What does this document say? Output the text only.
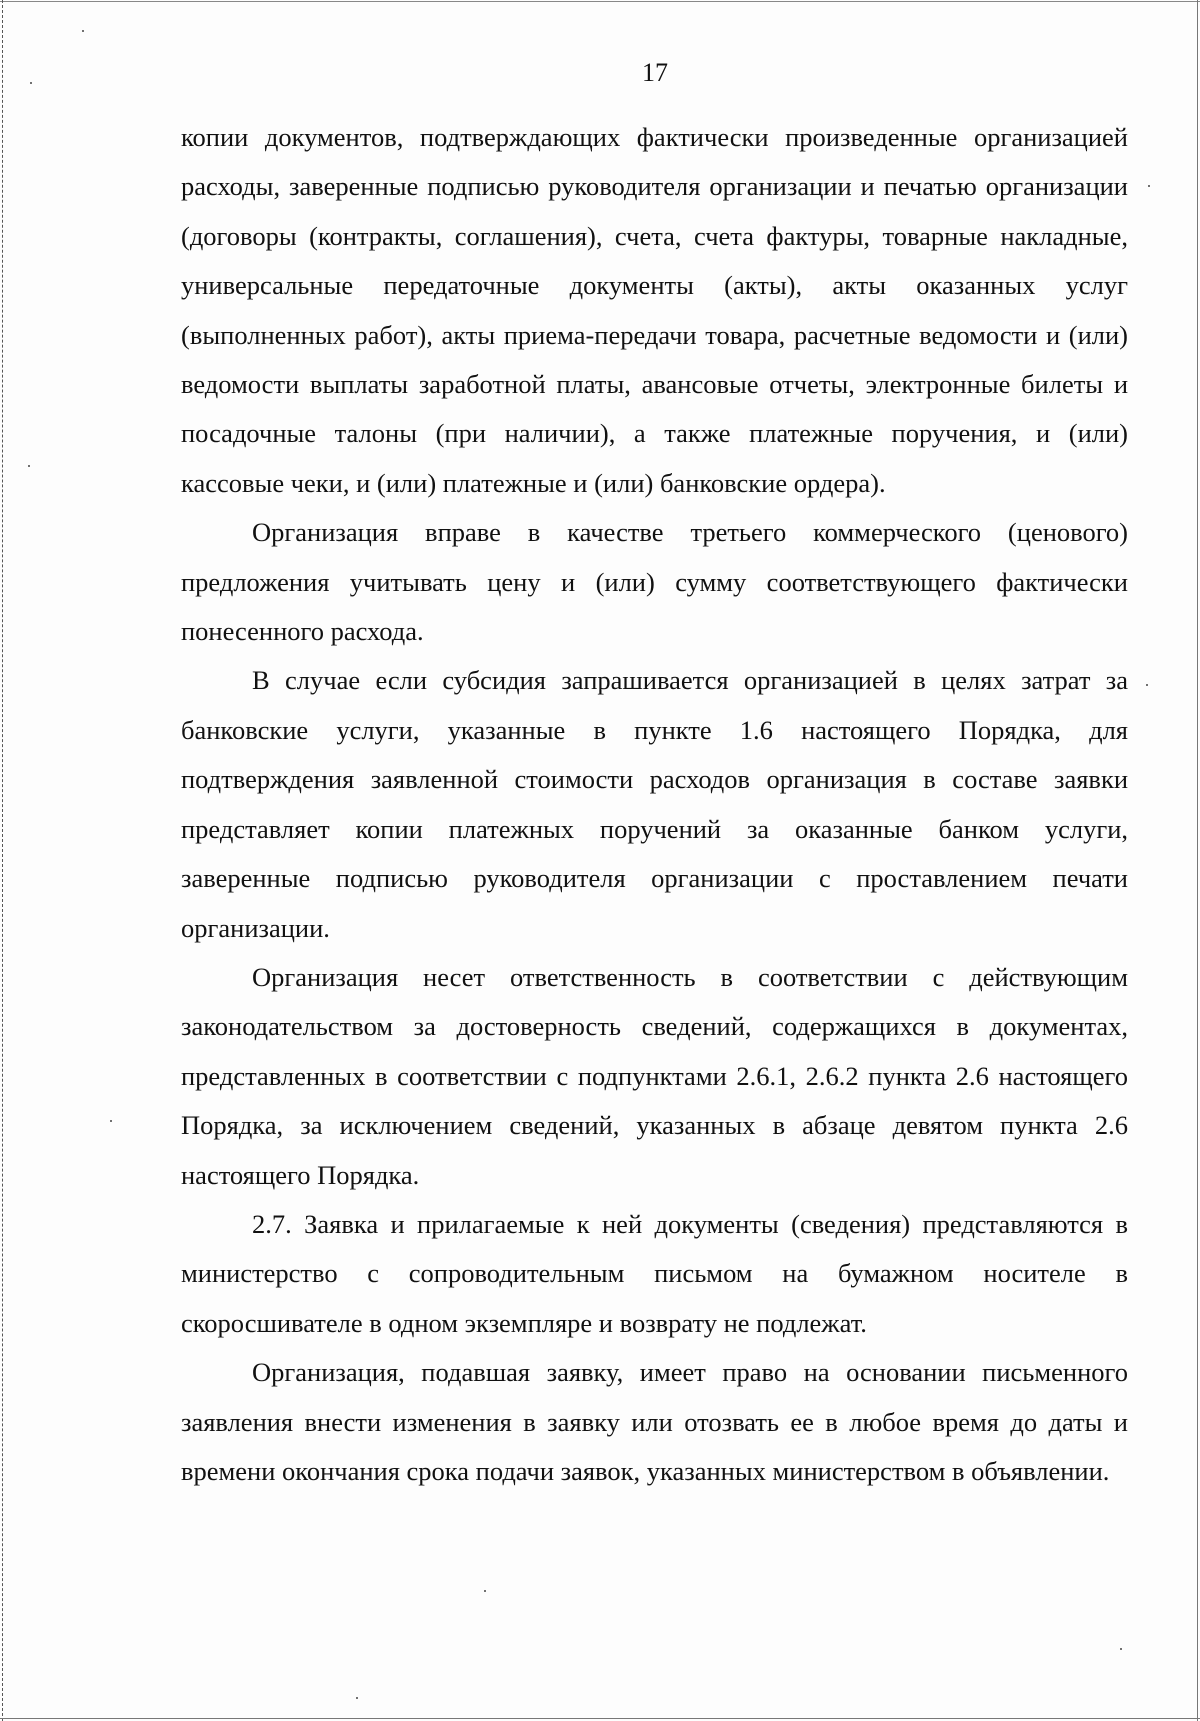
17

копии документов, подтверждающих фактически произведенные организацией расходы, заверенные подписью руководителя организации и печатью организации (договоры (контракты, соглашения), счета, счета фактуры, товарные накладные, универсальные передаточные документы (акты), акты оказанных услуг (выполненных работ), акты приема-передачи товара, расчетные ведомости и (или) ведомости выплаты заработной платы, авансовые отчеты, электронные билеты и посадочные талоны (при наличии), а также платежные поручения, и (или) кассовые чеки, и (или) платежные и (или) банковские ордера).

Организация вправе в качестве третьего коммерческого (ценового) предложения учитывать цену и (или) сумму соответствующего фактически понесенного расхода.

В случае если субсидия запрашивается организацией в целях затрат за банковские услуги, указанные в пункте 1.6 настоящего Порядка, для подтверждения заявленной стоимости расходов организация в составе заявки представляет копии платежных поручений за оказанные банком услуги, заверенные подписью руководителя организации с проставлением печати организации.

Организация несет ответственность в соответствии с действующим законодательством за достоверность сведений, содержащихся в документах, представленных в соответствии с подпунктами 2.6.1, 2.6.2 пункта 2.6 настоящего Порядка, за исключением сведений, указанных в абзаце девятом пункта 2.6 настоящего Порядка.

2.7. Заявка и прилагаемые к ней документы (сведения) представляются в министерство с сопроводительным письмом на бумажном носителе в скоросшивателе в одном экземпляре и возврату не подлежат.

Организация, подавшая заявку, имеет право на основании письменного заявления внести изменения в заявку или отозвать ее в любое время до даты и времени окончания срока подачи заявок, указанных министерством в объявлении.
